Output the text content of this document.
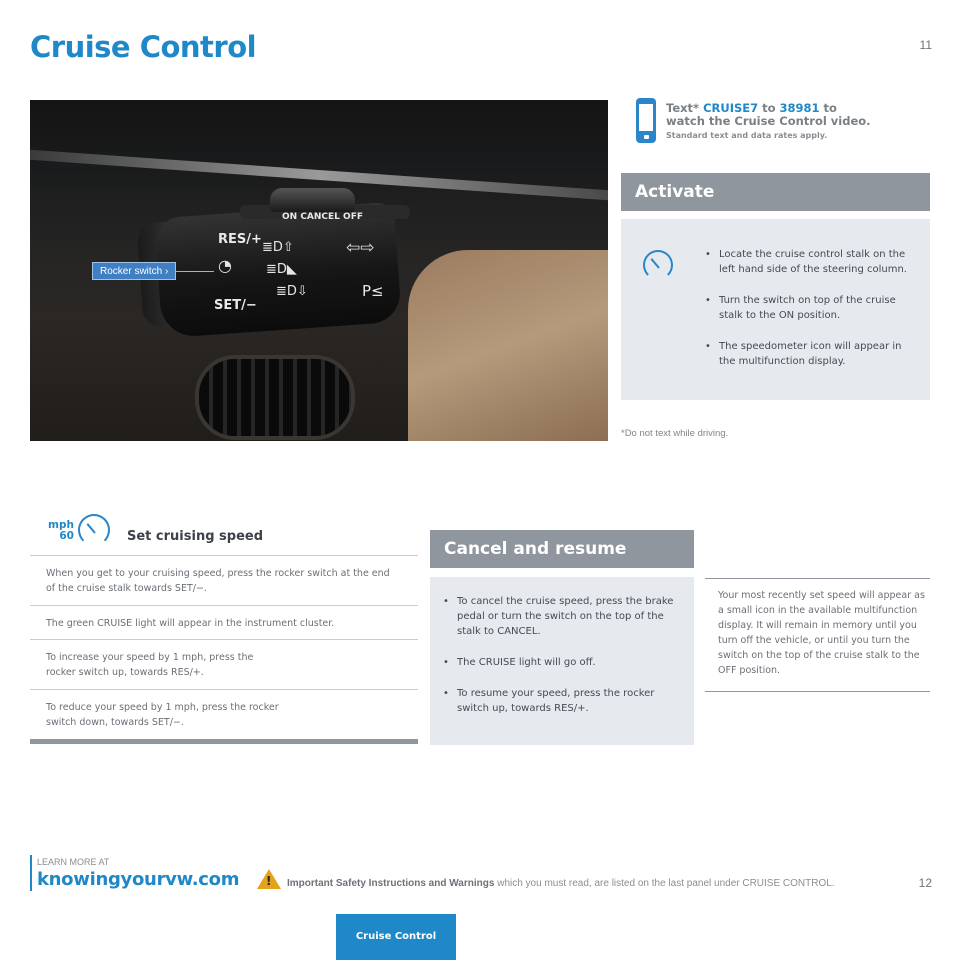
Cruise Control	11
ON CANCEL OFF
RES/+
SET/−
◔
≣D⇧
≣D◣
≣D⇩
⇦⇨
P≤
Rocker switch ›
Text* CRUISE7 to 38981 to
watch the Cruise Control video.
Standard text and data rates apply.
Activate
• Locate the cruise control stalk on the left hand side of the steering column.
• Turn the switch on top of the cruise stalk to the ON position.
• The speedometer icon will appear in the multifunction display.
*Do not text while driving.
mph
60	Set cruising speed
When you get to your cruising speed, press the rocker switch at the end of the cruise stalk towards SET/−.
The green CRUISE light will appear in the instrument cluster.
To increase your speed by 1 mph, press the rocker switch up, towards RES/+.
To reduce your speed by 1 mph, press the rocker switch down, towards SET/−.
Cancel and resume
• To cancel the cruise speed, press the brake pedal or turn the switch on the top of the stalk to CANCEL.
• The CRUISE light will go off.
• To resume your speed, press the rocker switch up, towards RES/+.
Your most recently set speed will appear as a small icon in the available multifunction display. It will remain in memory until you turn off the vehicle, or until you turn the switch on the top of the cruise stalk to the OFF position.
LEARN MORE AT
knowingyourvw.com ! Important Safety Instructions and Warnings which you must read, are listed on the last panel under CRUISE CONTROL.	12
Cruise Control
